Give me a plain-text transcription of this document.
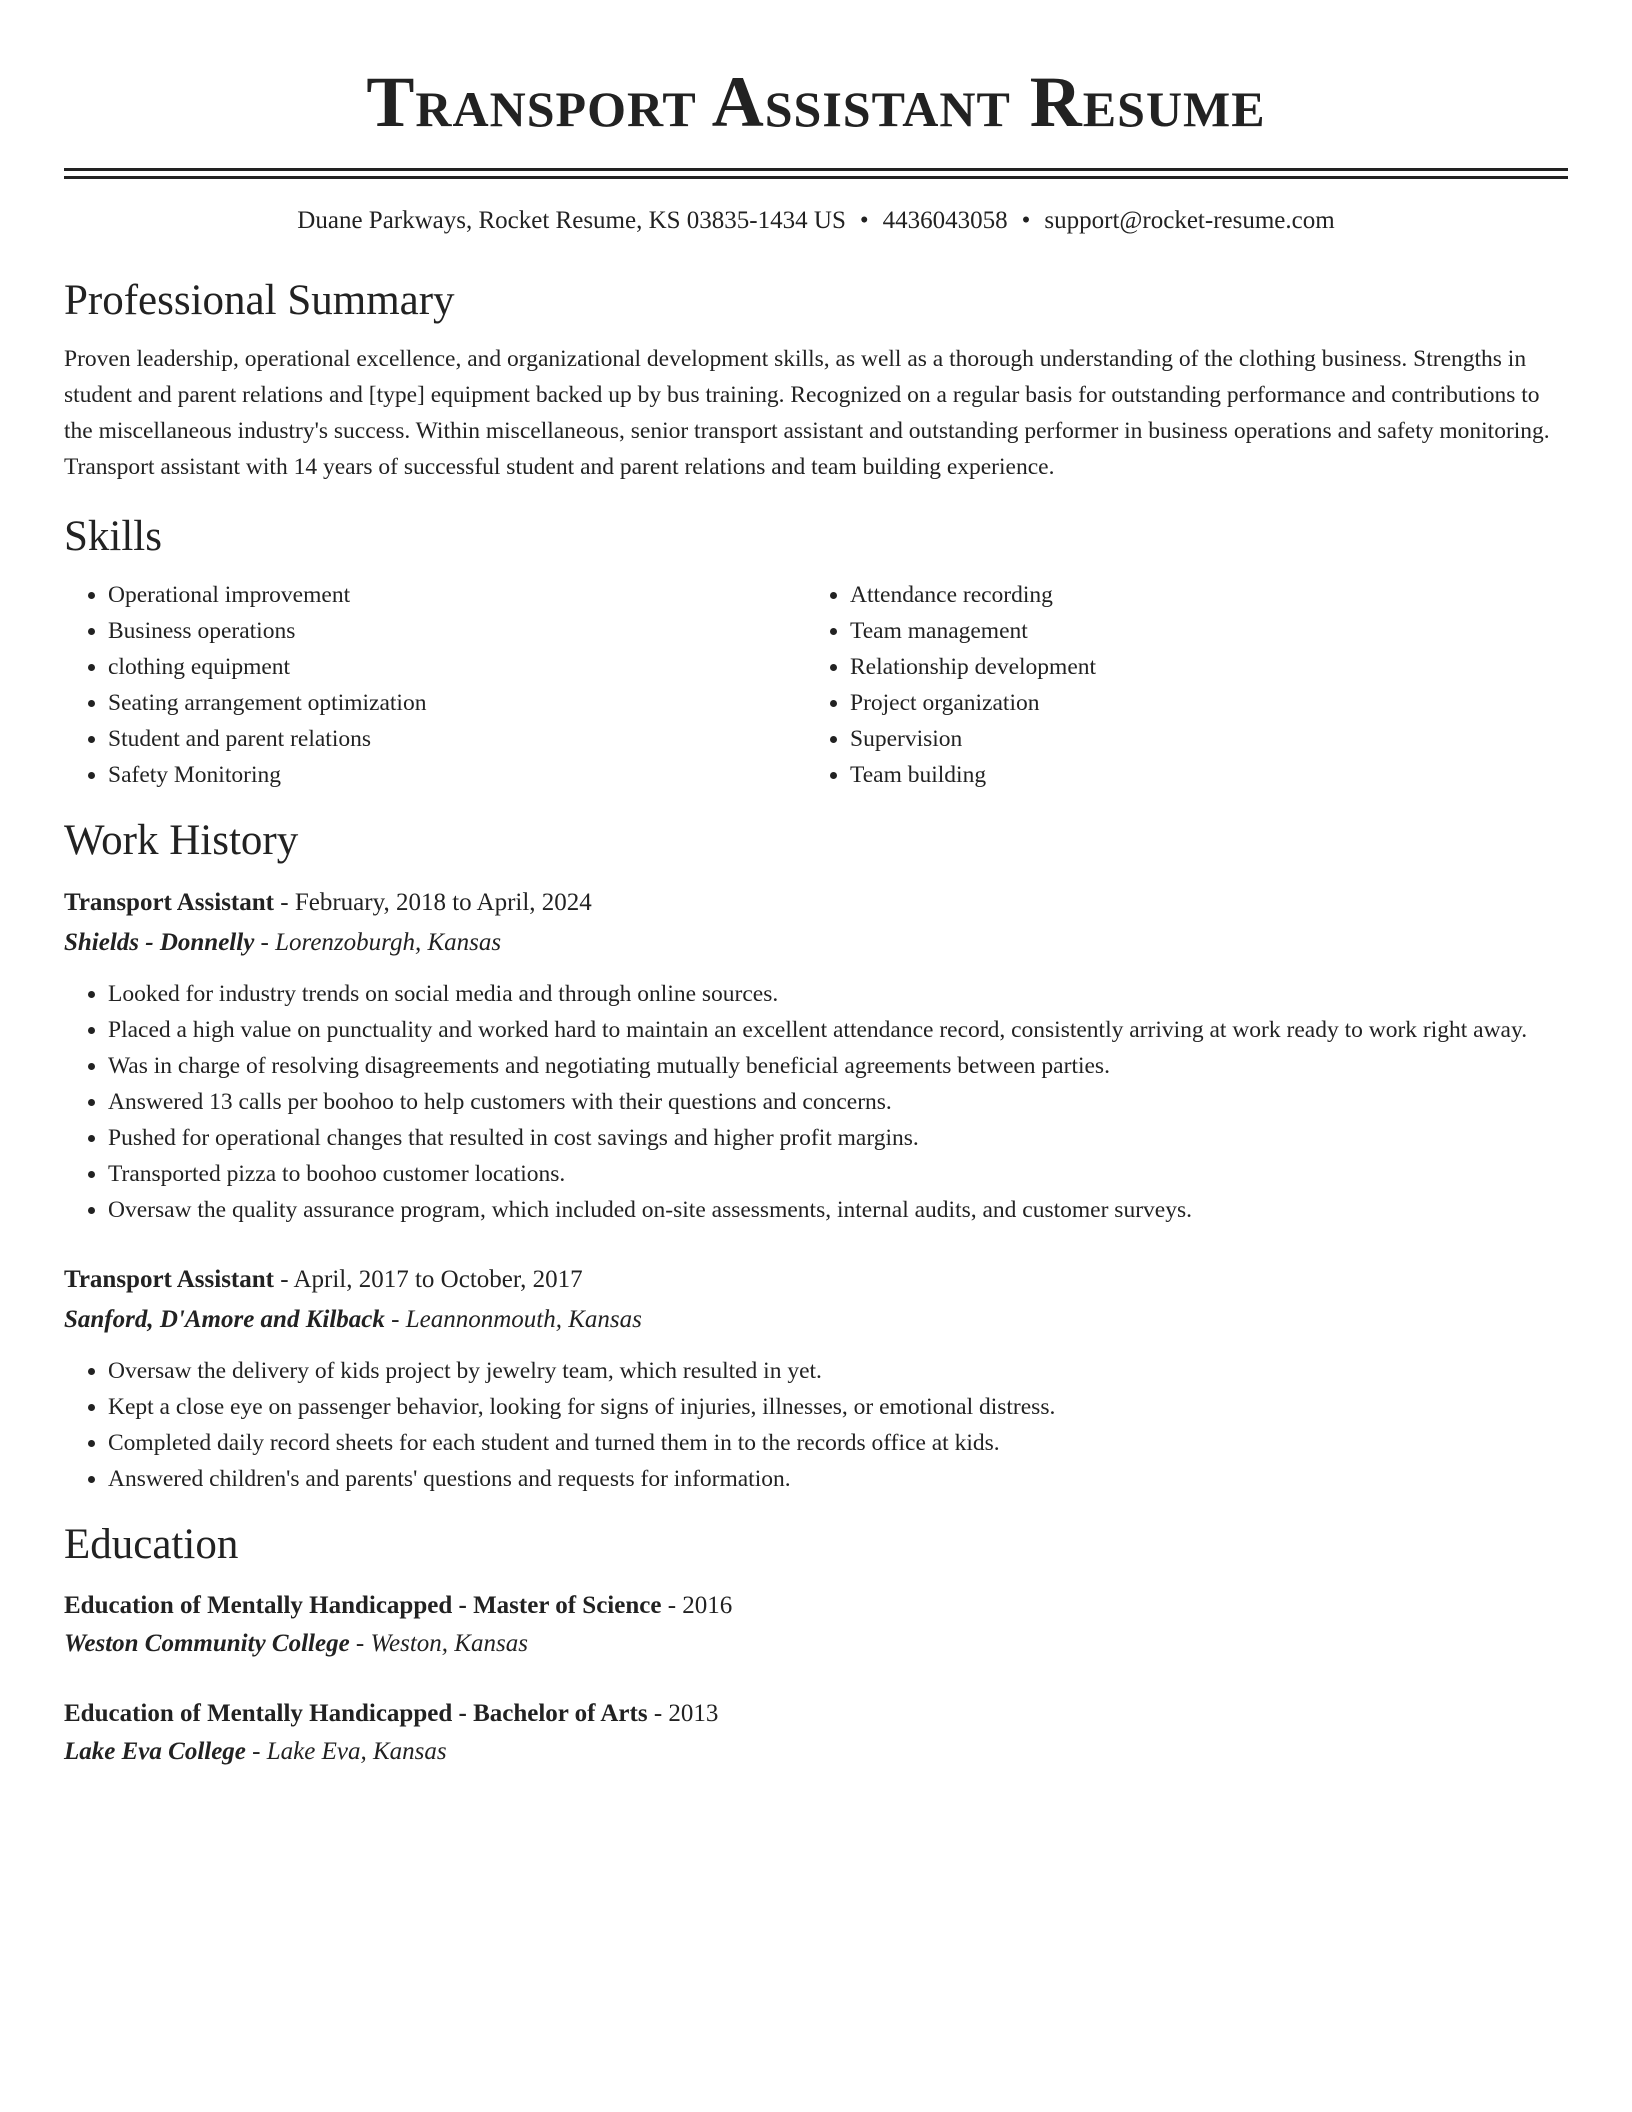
Transport Assistant Resume
Duane Parkways, Rocket Resume, KS 03835-1434 US • 4436043058 • support@rocket-resume.com
Professional Summary

Proven leadership, operational excellence, and organizational development skills, as well as a thorough understanding of the clothing business. Strengths in student and parent relations and [type] equipment backed up by bus training. Recognized on a regular basis for outstanding performance and contributions to the miscellaneous industry's success. Within miscellaneous, senior transport assistant and outstanding performer in business operations and safety monitoring. Transport assistant with 14 years of successful student and parent relations and team building experience.

Skills
• Operational improvement
• Business operations
• clothing equipment
• Seating arrangement optimization
• Student and parent relations
• Safety Monitoring
• Attendance recording
• Team management
• Relationship development
• Project organization
• Supervision
• Team building
Work History
Transport Assistant - February, 2018 to April, 2024
Shields - Donnelly - Lorenzoburgh, Kansas
• Looked for industry trends on social media and through online sources.
• Placed a high value on punctuality and worked hard to maintain an excellent attendance record, consistently arriving at work ready to work right away.
• Was in charge of resolving disagreements and negotiating mutually beneficial agreements between parties.
• Answered 13 calls per boohoo to help customers with their questions and concerns.
• Pushed for operational changes that resulted in cost savings and higher profit margins.
• Transported pizza to boohoo customer locations.
• Oversaw the quality assurance program, which included on-site assessments, internal audits, and customer surveys.
Transport Assistant - April, 2017 to October, 2017
Sanford, D'Amore and Kilback - Leannonmouth, Kansas
• Oversaw the delivery of kids project by jewelry team, which resulted in yet.
• Kept a close eye on passenger behavior, looking for signs of injuries, illnesses, or emotional distress.
• Completed daily record sheets for each student and turned them in to the records office at kids.
• Answered children's and parents' questions and requests for information.
Education
Education of Mentally Handicapped - Master of Science - 2016
Weston Community College - Weston, Kansas
Education of Mentally Handicapped - Bachelor of Arts - 2013
Lake Eva College - Lake Eva, Kansas
